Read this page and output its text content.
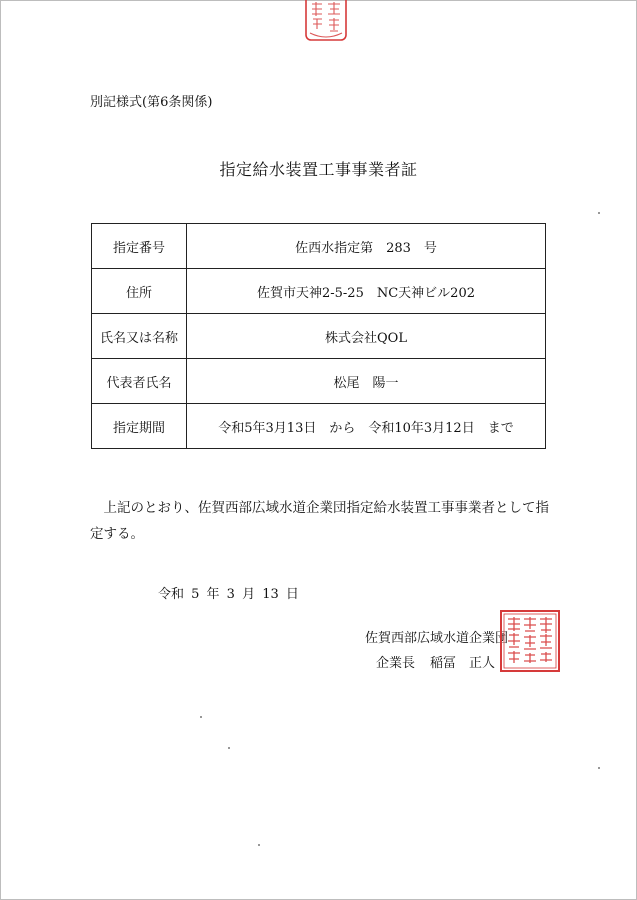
別記様式(第6条関係)
指定給水装置工事事業者証
指定番号	佐西水指定第　283　号
住所	佐賀市天神2-5-25　NC天神ビル202
氏名又は名称	株式会社QOL
代表者氏名	松尾　陽一
指定期間	令和5年3月13日　から　令和10年3月12日　まで
上記のとおり、佐賀西部広域水道企業団指定給水装置工事事業者として指定する。
令和 5 年 3 月 13 日
佐賀西部広域水道企業団
企業長 稲冨　正人
